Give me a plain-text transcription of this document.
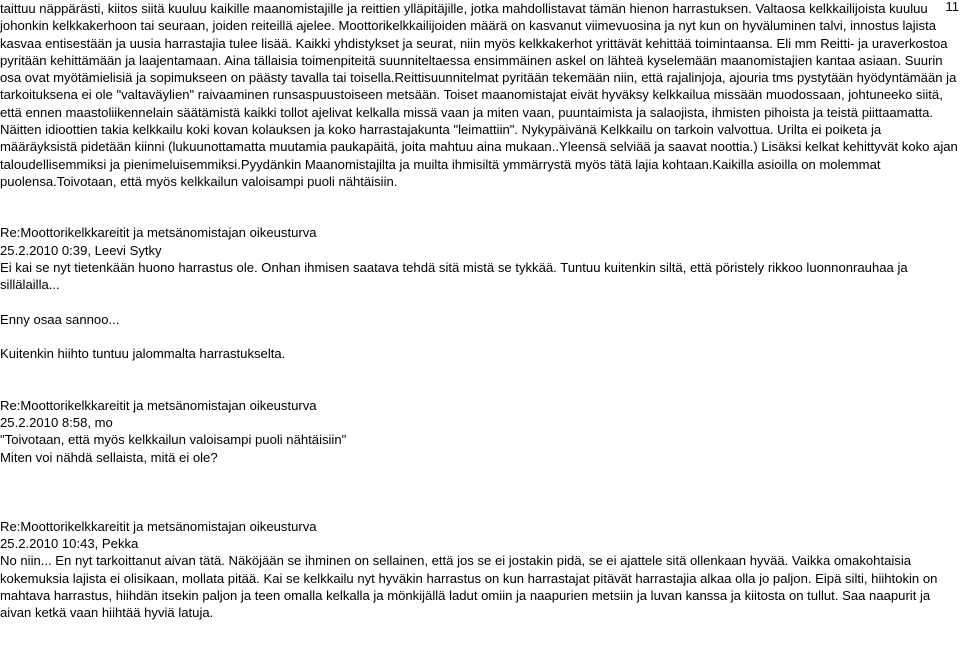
11

taittuu näppärästi, kiitos siitä kuuluu kaikille maanomistajille ja reittien ylläpitäjille, jotka mahdollistavat tämän hienon harrastuksen. Valtaosa kelkkailijoista kuuluu johonkin kelkkakerhoon tai seuraan, joiden reiteillä ajelee. Moottorikelkkailijoiden määrä on kasvanut viimevuosina ja nyt kun on hyväluminen talvi, innostus lajista kasvaa entisestään ja uusia harrastajia tulee lisää. Kaikki yhdistykset ja seurat, niin myös kelkkakerhot yrittävät kehittää toimintaansa. Eli mm Reitti- ja uraverkostoa pyritään kehittämään ja laajentamaan. Aina tällaisia toimenpiteitä suunniteltaessa ensimmäinen askel on lähteä kyselemään maanomistajien kantaa asiaan. Suurin osa ovat myötämielisiä ja sopimukseen on päästy tavalla tai toisella.Reittisuunnitelmat pyritään tekemään niin, että rajalinjoja, ajouria tms pystytään hyödyntämään ja tarkoituksena ei ole "valtaväylien" raivaaminen runsaspuustoiseen metsään. Toiset maanomistajat eivät hyväksy kelkkailua missään muodossaan, johtuneeko siitä, että ennen maastoliikennelain säätämistä kaikki tollot ajelivat kelkalla missä vaan ja miten vaan, puuntaimista ja salaojista, ihmisten pihoista ja teistä piittaamatta. Näitten idioottien takia kelkkailu koki kovan kolauksen ja koko harrastajakunta "leimattiin". Nykypäivänä Kelkkailu on tarkoin valvottua. Urilta ei poiketa ja määräyksistä pidetään kiinni (lukuunottamatta muutamia paukapäitä, joita mahtuu aina mukaan..Yleensä selviää ja saavat noottia.) Lisäksi kelkat kehittyvät koko ajan taloudellisemmiksi ja pienimeluisemmiksi.Pyydänkin Maanomistajilta ja muilta ihmisiltä ymmärrystä myös tätä lajia kohtaan.Kaikilla asioilla on molemmat puolensa.Toivotaan, että myös kelkkailun valoisampi puoli nähtäisiin.

Re:Moottorikelkkareitit ja metsänomistajan oikeusturva

25.2.2010 0:39, Leevi Sytky

Ei kai se nyt tietenkään huono harrastus ole. Onhan ihmisen saatava tehdä sitä mistä se tykkää. Tuntuu kuitenkin siltä, että pöristely rikkoo luonnonrauhaa ja sillälailla...

Enny osaa sannoo...

Kuitenkin hiihto tuntuu jalommalta harrastukselta.

Re:Moottorikelkkareitit ja metsänomistajan oikeusturva

25.2.2010 8:58, mo

"Toivotaan, että myös kelkkailun valoisampi puoli nähtäisiin"

Miten voi nähdä sellaista, mitä ei ole?

Re:Moottorikelkkareitit ja metsänomistajan oikeusturva

25.2.2010 10:43, Pekka

No niin... En nyt tarkoittanut aivan tätä. Näköjään se ihminen on sellainen, että jos se ei jostakin pidä, se ei ajattele sitä ollenkaan hyvää. Vaikka omakohtaisia kokemuksia lajista ei olisikaan, mollata pitää. Kai se kelkkailu nyt hyväkin harrastus on kun harrastajat pitävät harrastajia alkaa olla jo paljon. Eipä silti, hiihtokin on mahtava harrastus, hiihdän itsekin paljon ja teen omalla kelkalla ja mönkijällä ladut omiin ja naapurien metsiin ja luvan kanssa ja kiitosta on tullut. Saa naapurit ja aivan ketkä vaan hiihtää hyviä latuja.
